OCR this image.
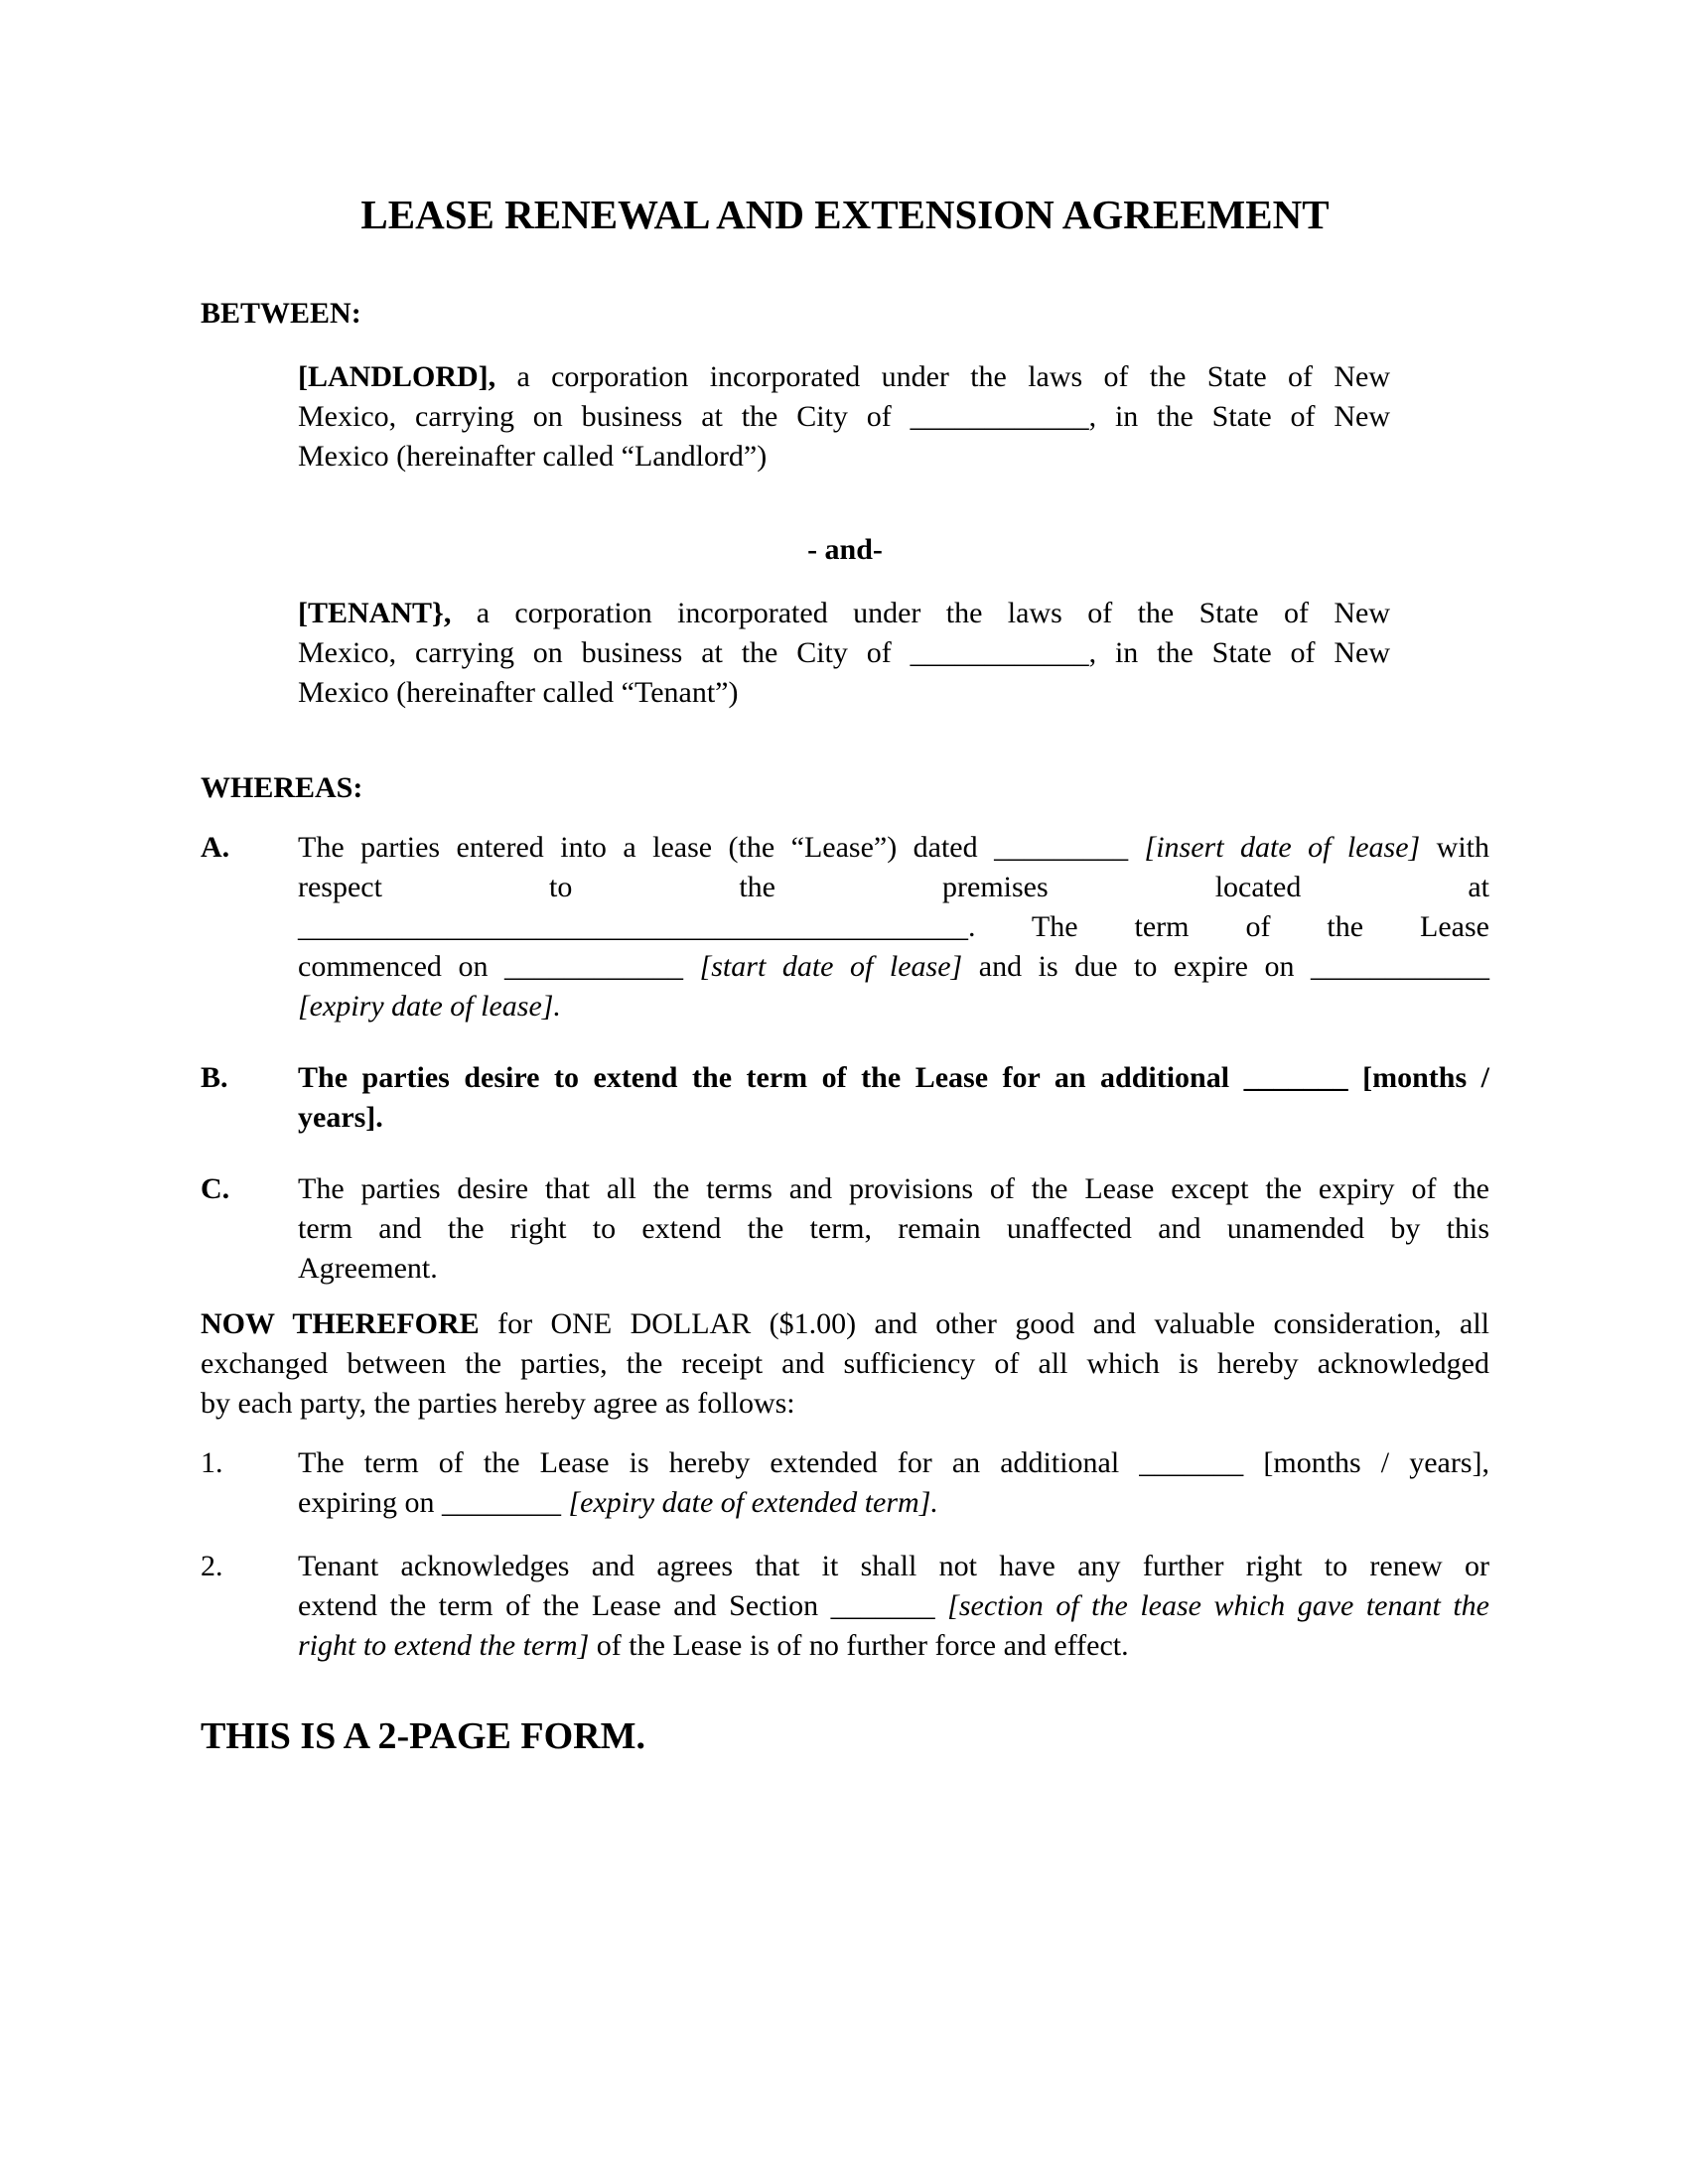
LEASE RENEWAL AND EXTENSION AGREEMENT
BETWEEN:
[LANDLORD], a corporation incorporated under the laws of the State of New
Mexico, carrying on business at the City of ____________, in the State of New
Mexico (hereinafter called “Landlord”)
- and-
[TENANT}, a corporation incorporated under the laws of the State of New
Mexico, carrying on business at the City of ____________, in the State of New
Mexico (hereinafter called “Tenant”)
WHEREAS:
A.	The parties entered into a lease (the “Lease”) dated _________ [insert date of lease] with
respect to the premises located at
_____________________________________________. The term of the Lease
commenced on ____________ [start date of lease] and is due to expire on ____________
[expiry date of lease].
B.	The parties desire to extend the term of the Lease for an additional _______ [months /
years].
C.	The parties desire that all the terms and provisions of the Lease except the expiry of the
term and the right to extend the term, remain unaffected and unamended by this
Agreement.
NOW THEREFORE for ONE DOLLAR ($1.00) and other good and valuable consideration, all
exchanged between the parties, the receipt and sufficiency of all which is hereby acknowledged
by each party, the parties hereby agree as follows:
1.	The term of the Lease is hereby extended for an additional _______ [months / years],
expiring on ________ [expiry date of extended term].
2.	Tenant acknowledges and agrees that it shall not have any further right to renew or
extend the term of the Lease and Section _______ [section of the lease which gave tenant the
right to extend the term] of the Lease is of no further force and effect.
THIS IS A 2-PAGE FORM.
